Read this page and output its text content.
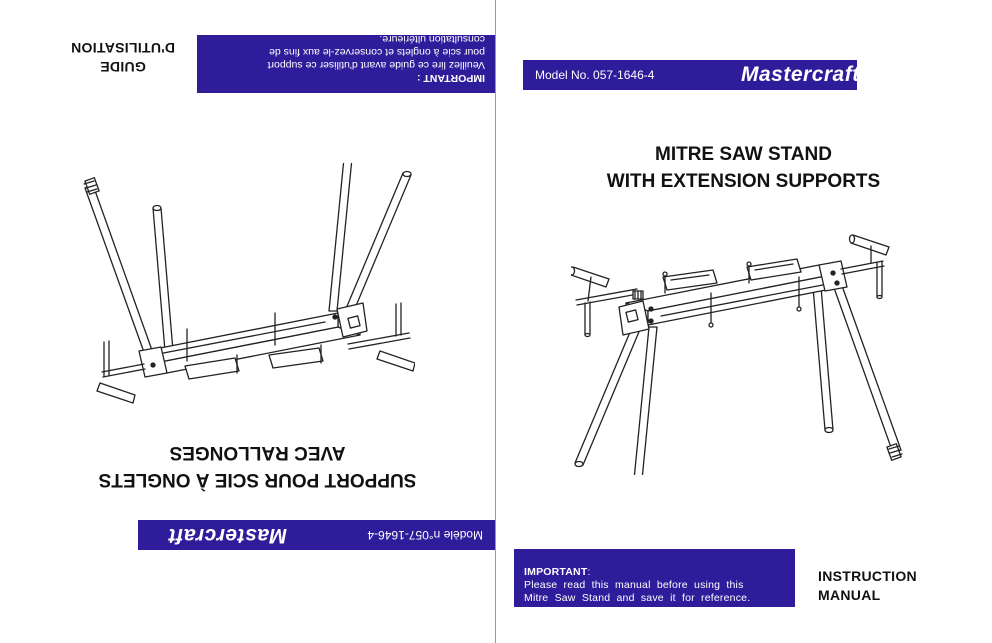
Model No. 057-1646-4	Mastercraft™
MITRE SAW STAND
WITH EXTENSION SUPPORTS
IMPORTANT:
Please  read  this  manual  before  using  this
Mitre  Saw  Stand  and  save  it  for  reference.
INSTRUCTION
MANUAL
Modèle n°057-1646-4
Mastercraft
SUPPORT POUR SCIE À ONGLETS
AVEC RALLONGES
IMPORTANT :
Veuillez lire ce guide avant d'utiliser ce support
pour scie à onglets et conservez-le aux fins de
consultation ultérieure.
GUIDE
D'UTILISATION
